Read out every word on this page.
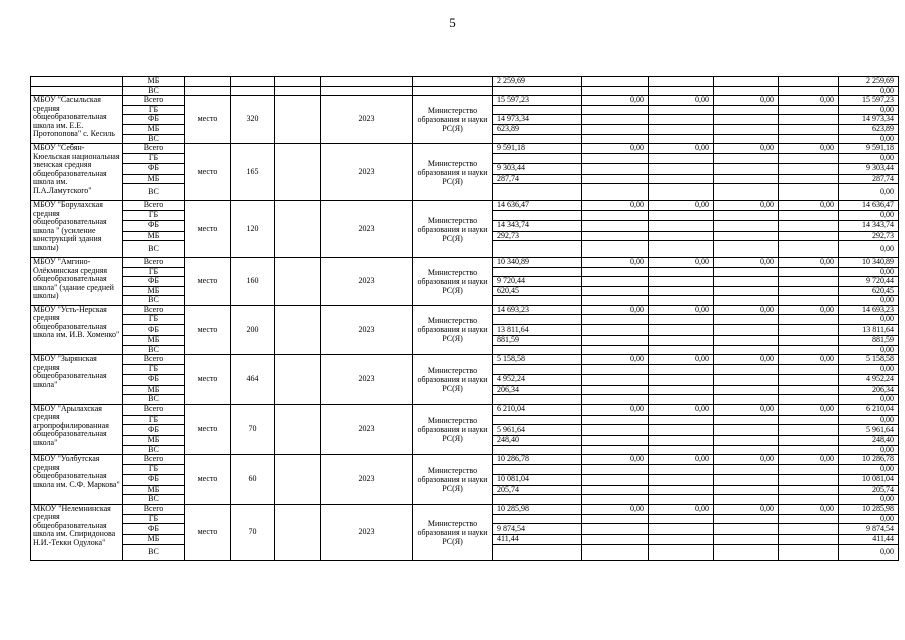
5
	МБ						2 259,69					2 259,69
	ВС											0,00
МБОУ "Сасыльская средняя общеобразовательная школа им. Е.Е. Протопопова" с. Кесиль	Всего	место	320		2023	Министерство образования и науки РС(Я)	15 597,23	0,00	0,00	0,00	0,00	15 597,23
	ГБ											0,00
	ФБ						14 973,34					14 973,34
	МБ						623,89					623,89
	ВС											0,00
МБОУ "Себян-Кюельская национальная эвенская средняя общеобразовательная школа им. П.А.Ламутского"	Всего	место	165		2023	Министерство образования и науки РС(Я)	9 591,18	0,00	0,00	0,00	0,00	9 591,18
	ГБ											0,00
	ФБ						9 303,44					9 303,44
	МБ						287,74					287,74
	ВС											0,00
МБОУ "Борулахская средняя общеобразовательная школа " (усиление конструкций здания школы)	Всего	место	120		2023	Министерство образования и науки РС(Я)	14 636,47	0,00	0,00	0,00	0,00	14 636,47
	ГБ											0,00
	ФБ						14 343,74					14 343,74
	МБ						292,73					292,73
	ВС											0,00
МБОУ "Амгино-Олёкминская средняя общеобразовательная школа" (здание средней школы)	Всего	место	160		2023	Министерство образования и науки РС(Я)	10 340,89	0,00	0,00	0,00	0,00	10 340,89
	ГБ											0,00
	ФБ						9 720,44					9 720,44
	МБ						620,45					620,45
	ВС											0,00
МБОУ "Усть-Нерская средняя общеобразовательная школа им. И.В. Хоменко"	Всего	место	200		2023	Министерство образования и науки РС(Я)	14 693,23	0,00	0,00	0,00	0,00	14 693,23
	ГБ											0,00
	ФБ						13 811,64					13 811,64
	МБ						881,59					881,59
	ВС											0,00
МБОУ "Зырянская средняя общеобразовательная школа"	Всего	место	464		2023	Министерство образования и науки РС(Я)	5 158,58	0,00	0,00	0,00	0,00	5 158,58
	ГБ											0,00
	ФБ						4 952,24					4 952,24
	МБ						206,34					206,34
	ВС											0,00
МБОУ "Арылахская средняя агропрофилированная общеобразовательная школа"	Всего	место	70		2023	Министерство образования и науки РС(Я)	6 210,04	0,00	0,00	0,00	0,00	6 210,04
	ГБ											0,00
	ФБ						5 961,64					5 961,64
	МБ						248,40					248,40
	ВС											0,00
МБОУ "Уолбутская средняя общеобразовательная школа им. С.Ф. Маркова"	Всего	место	60		2023	Министерство образования и науки РС(Я)	10 286,78	0,00	0,00	0,00	0,00	10 286,78
	ГБ											0,00
	ФБ						10 081,04					10 081,04
	МБ						205,74					205,74
	ВС											0,00
МКОУ "Нелемнинская средняя общеобразовательная школа им. Спиридонова Н.И.-Текки Одулока"	Всего	место	70		2023	Министерство образования и науки РС(Я)	10 285,98	0,00	0,00	0,00	0,00	10 285,98
	ГБ											0,00
	ФБ						9 874,54					9 874,54
	МБ						411,44					411,44
	ВС											0,00
